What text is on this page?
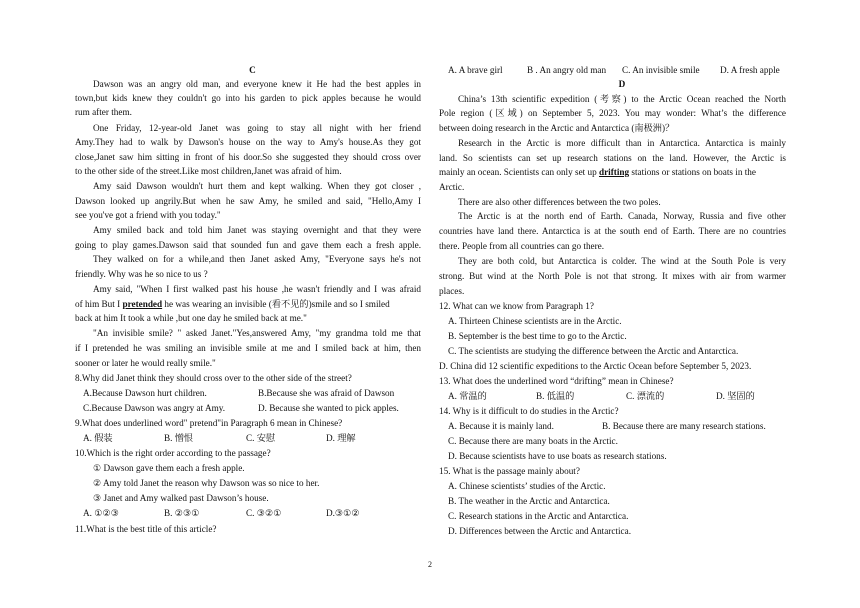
C
Dawson was an angry old man, and everyone knew it He had the best apples in
town,but kids knew they couldn't go into his garden to pick apples because he would
rum after them.
One Friday, 12-year-old Janet was going to stay all night with her friend
Amy.They had to walk by Dawson's house on the way to Amy's house.As they got
close,Janet saw him sitting in front of his door.So she suggested they should cross over
to the other side of the street.Like most children,Janet was afraid of him.
Amy said Dawson wouldn't hurt them and kept walking. When they got closer ,
Dawson looked up angrily.But when he saw Amy, he smiled and said, "Hello,Amy I
see you've got a friend with you today."
Amy smiled back and told him Janet was staying overnight and that they were
going to play games.Dawson said that sounded fun and gave them each a fresh apple.
They walked on for a while,and then Janet asked Amy, "Everyone says he's not
friendly. Why was he so nice to us ?
Amy said, "When I first walked past his house ,he wasn't friendly and I was afraid
of him But I pretended he was wearing an invisible (看不见的)smile and so I smiled
back at him It took a while ,but one day he smiled back at me."
"An invisible smile? " asked Janet."Yes,answered Amy, "my grandma told me that
if I pretended he was smiling an invisible smile at me and I smiled back at him, then
sooner or later he would really smile."
8.Why did Janet think they should cross over to the other side of the street?
A.Because Dawson hurt children.	B.Because she was afraid of Dawson
C.Because Dawson was angry at Amy.	D. Because she wanted to pick apples.
9.What does underlined word" pretend"in Paragraph 6 mean in Chinese?
A. 假装	B. 憎恨	C. 安慰	D. 理解
10.Which is the right order according to the passage?
① Dawson gave them each a fresh apple.
② Amy told Janet the reason why Dawson was so nice to her.
③ Janet and Amy walked past Dawson’s house.
A. ①②③	B. ②③①	C. ③②①	D.③①②
11.What is the best title of this article?
A. A brave girl	B . An angry old man C. An invisible smile D. A fresh apple
D
China’s 13th scientific expedition (考察) to the Arctic Ocean reached the North
Pole region (区域) on September 5, 2023. You may wonder: What’s the difference
between doing research in the Arctic and Antarctica (南极洲)？
Research in the Arctic is more difficult than in Antarctica. Antarctica is mainly
land. So scientists can set up research stations on the land. However, the Arctic is
mainly an ocean. Scientists can only set up drifting stations or stations on boats in the
Arctic.
There are also other differences between the two poles.
The Arctic is at the north end of Earth. Canada, Norway, Russia and five other
countries have land there. Antarctica is at the south end of Earth. There are no countries
there. People from all countries can go there.
They are both cold, but Antarctica is colder. The wind at the South Pole is very
strong. But wind at the North Pole is not that strong. It mixes with air from warmer
places.
12. What can we know from Paragraph 1?
A. Thirteen Chinese scientists are in the Arctic.
B. September is the best time to go to the Arctic.
C. The scientists are studying the difference between the Arctic and Antarctica.
D. China did 12 scientific expeditions to the Arctic Ocean before September 5, 2023.
13. What does the underlined word “drifting” mean in Chinese?
A. 常温的	B. 低温的	C. 漂流的	D. 坚固的
14. Why is it difficult to do studies in the Arctic?
A. Because it is mainly land.	B. Because there are many research stations.
C. Because there are many boats in the Arctic.
D. Because scientists have to use boats as research stations.
15. What is the passage mainly about?
A. Chinese scientists’ studies of the Arctic.
B. The weather in the Arctic and Antarctica.
C. Research stations in the Arctic and Antarctica.
D. Differences between the Arctic and Antarctica.
2
